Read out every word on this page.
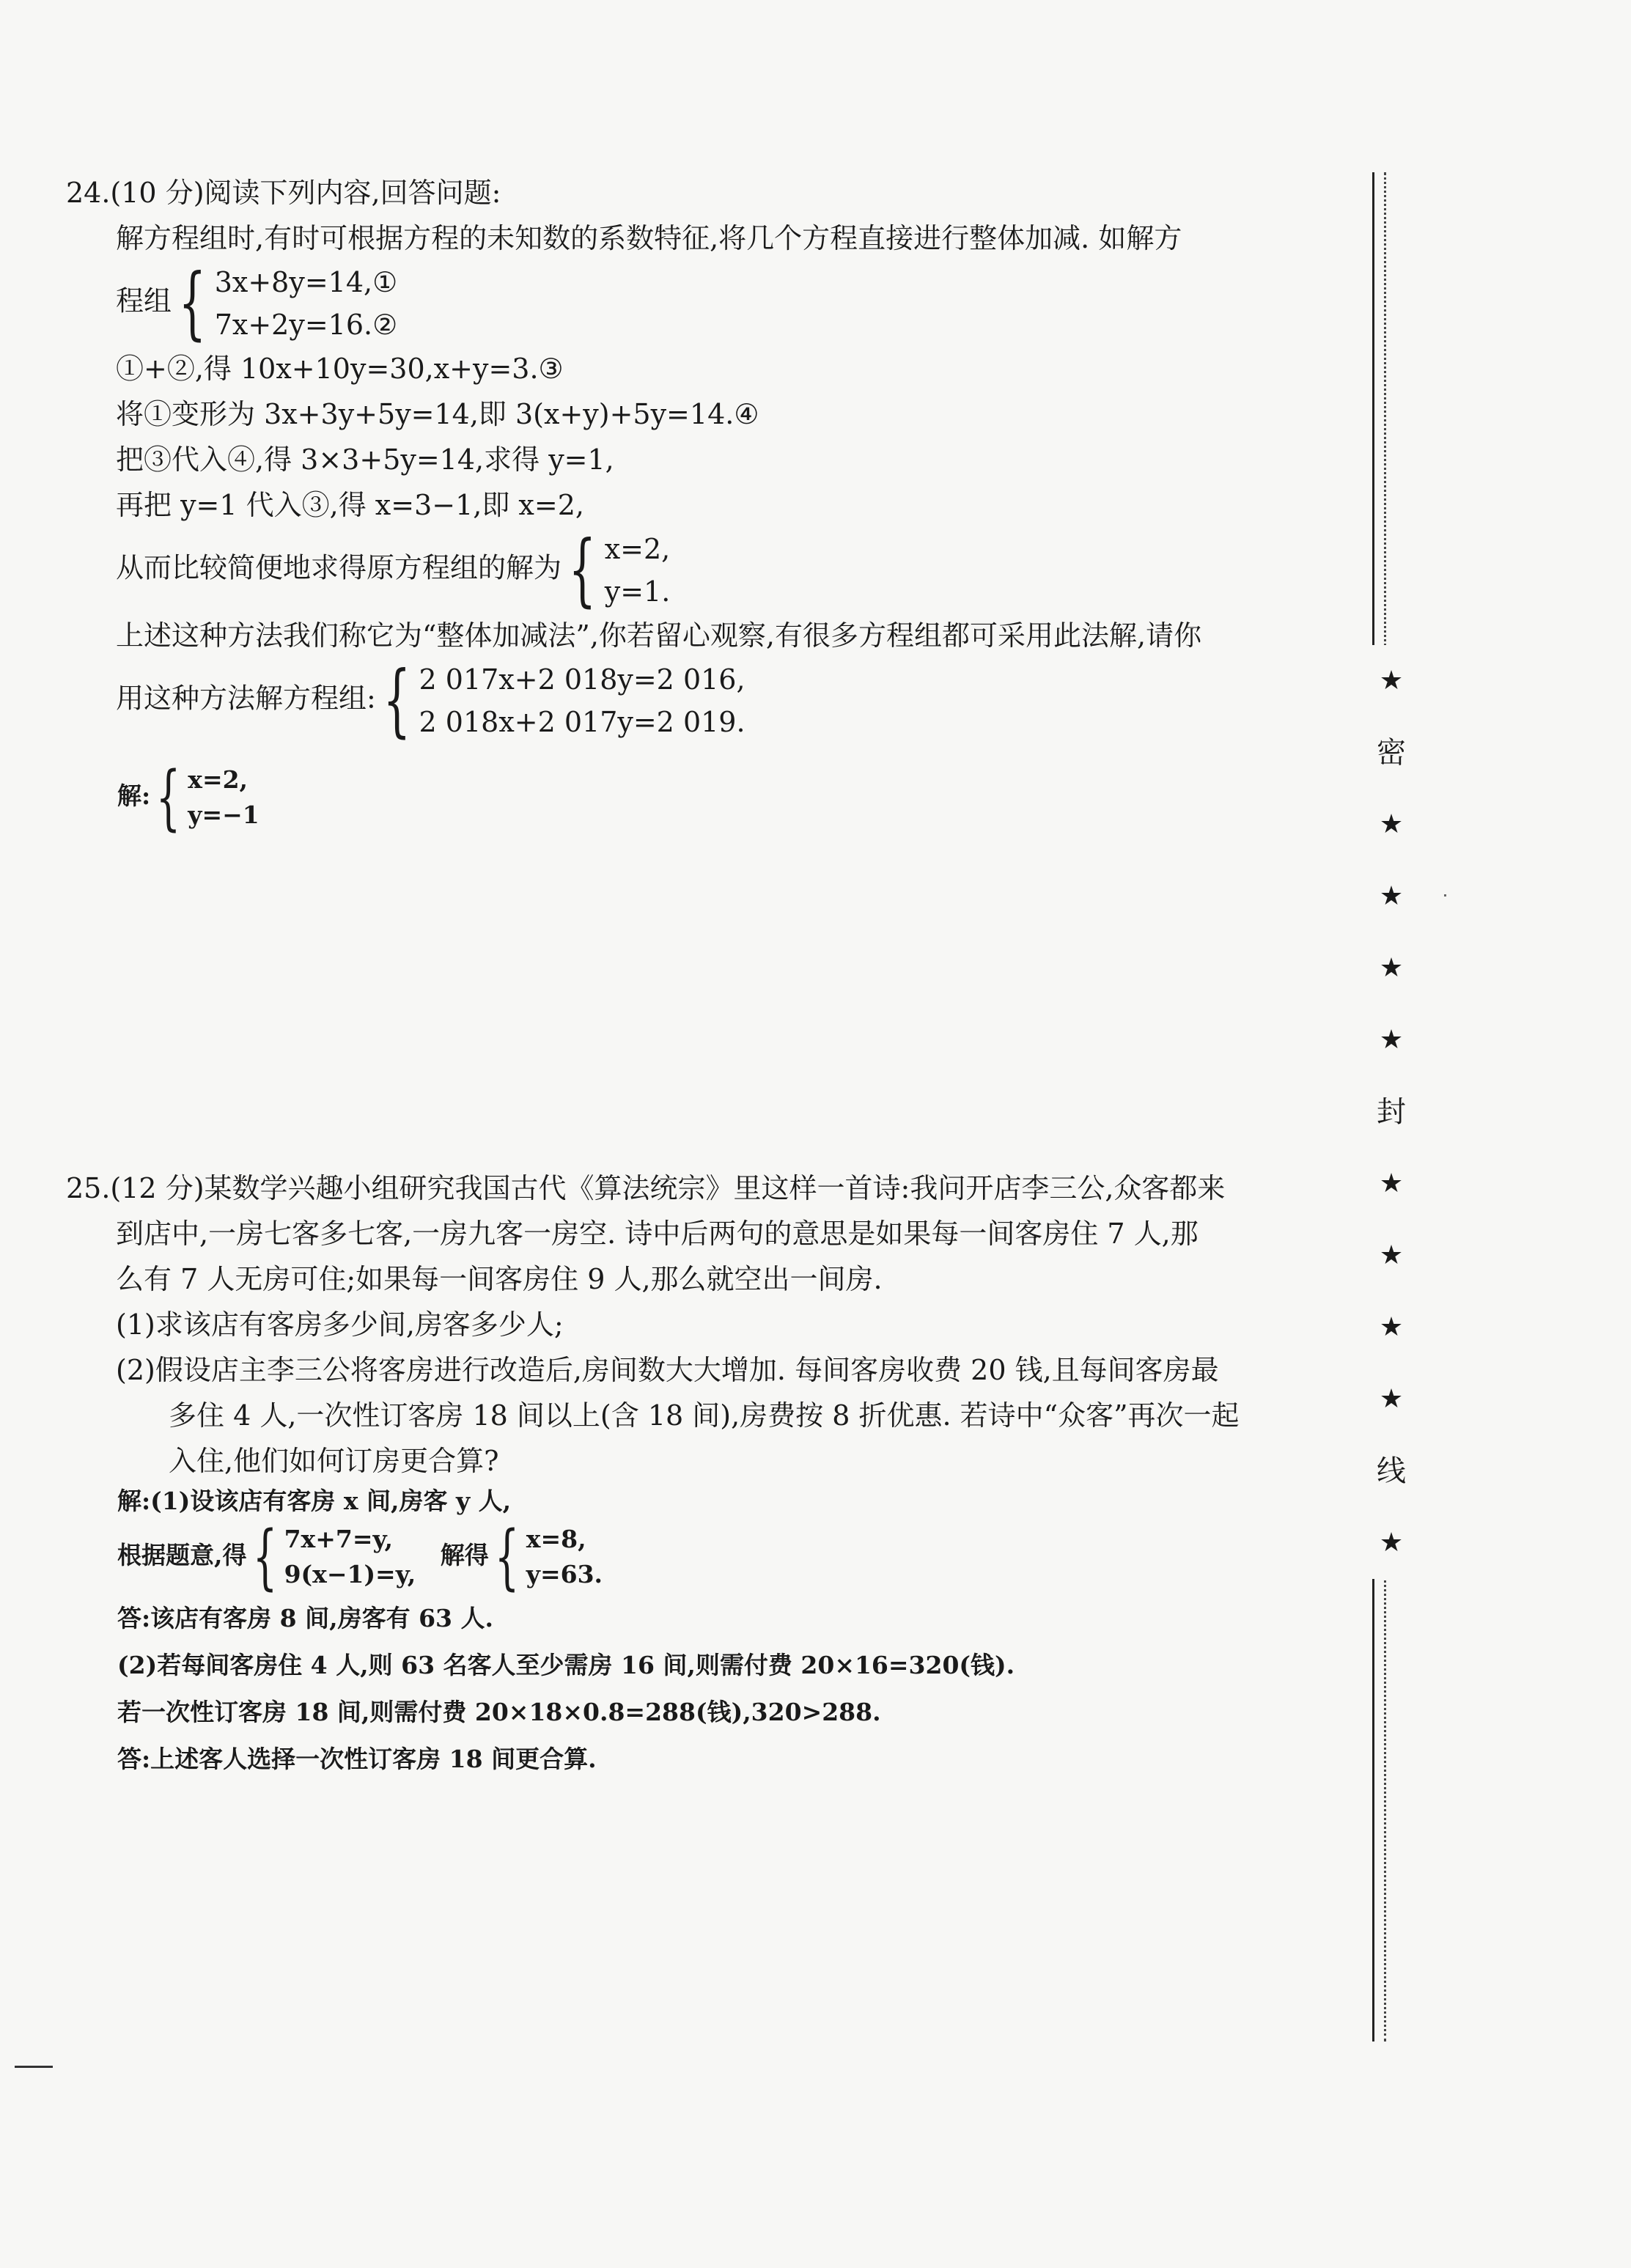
24.(10 分)阅读下列内容,回答问题:
解方程组时,有时可根据方程的未知数的系数特征,将几个方程直接进行整体加减. 如解方
程组 { 3x+8y=14,①
7x+2y=16.②
①+②,得 10x+10y=30,x+y=3.③
将①变形为 3x+3y+5y=14,即 3(x+y)+5y=14.④
把③代入④,得 3×3+5y=14,求得 y=1,
再把 y=1 代入③,得 x=3−1,即 x=2,
从而比较简便地求得原方程组的解为 { x=2,
y=1.
上述这种方法我们称它为“整体加减法”,你若留心观察,有很多方程组都可采用此法解,请你
用这种方法解方程组: { 2 017x+2 018y=2 016,
2 018x+2 017y=2 019.
解: { x=2,
y=−1
25.(12 分)某数学兴趣小组研究我国古代《算法统宗》里这样一首诗:我问开店李三公,众客都来
到店中,一房七客多七客,一房九客一房空. 诗中后两句的意思是如果每一间客房住 7 人,那
么有 7 人无房可住;如果每一间客房住 9 人,那么就空出一间房.
(1)求该店有客房多少间,房客多少人;
(2)假设店主李三公将客房进行改造后,房间数大大增加. 每间客房收费 20 钱,且每间客房最
多住 4 人,一次性订客房 18 间以上(含 18 间),房费按 8 折优惠. 若诗中“众客”再次一起
入住,他们如何订房更合算?
解:(1)设该店有客房 x 间,房客 y 人,
根据题意,得 { 7x+7=y,
9(x−1)=y,
解得 { x=8,
y=63.
答:该店有客房 8 间,房客有 63 人.
(2)若每间客房住 4 人,则 63 名客人至少需房 16 间,则需付费 20×16=320(钱).
若一次性订客房 18 间,则需付费 20×18×0.8=288(钱),320>288.
答:上述客人选择一次性订客房 18 间更合算.
★
密
★
★
★
★
封
★
★
★
★
线
★
